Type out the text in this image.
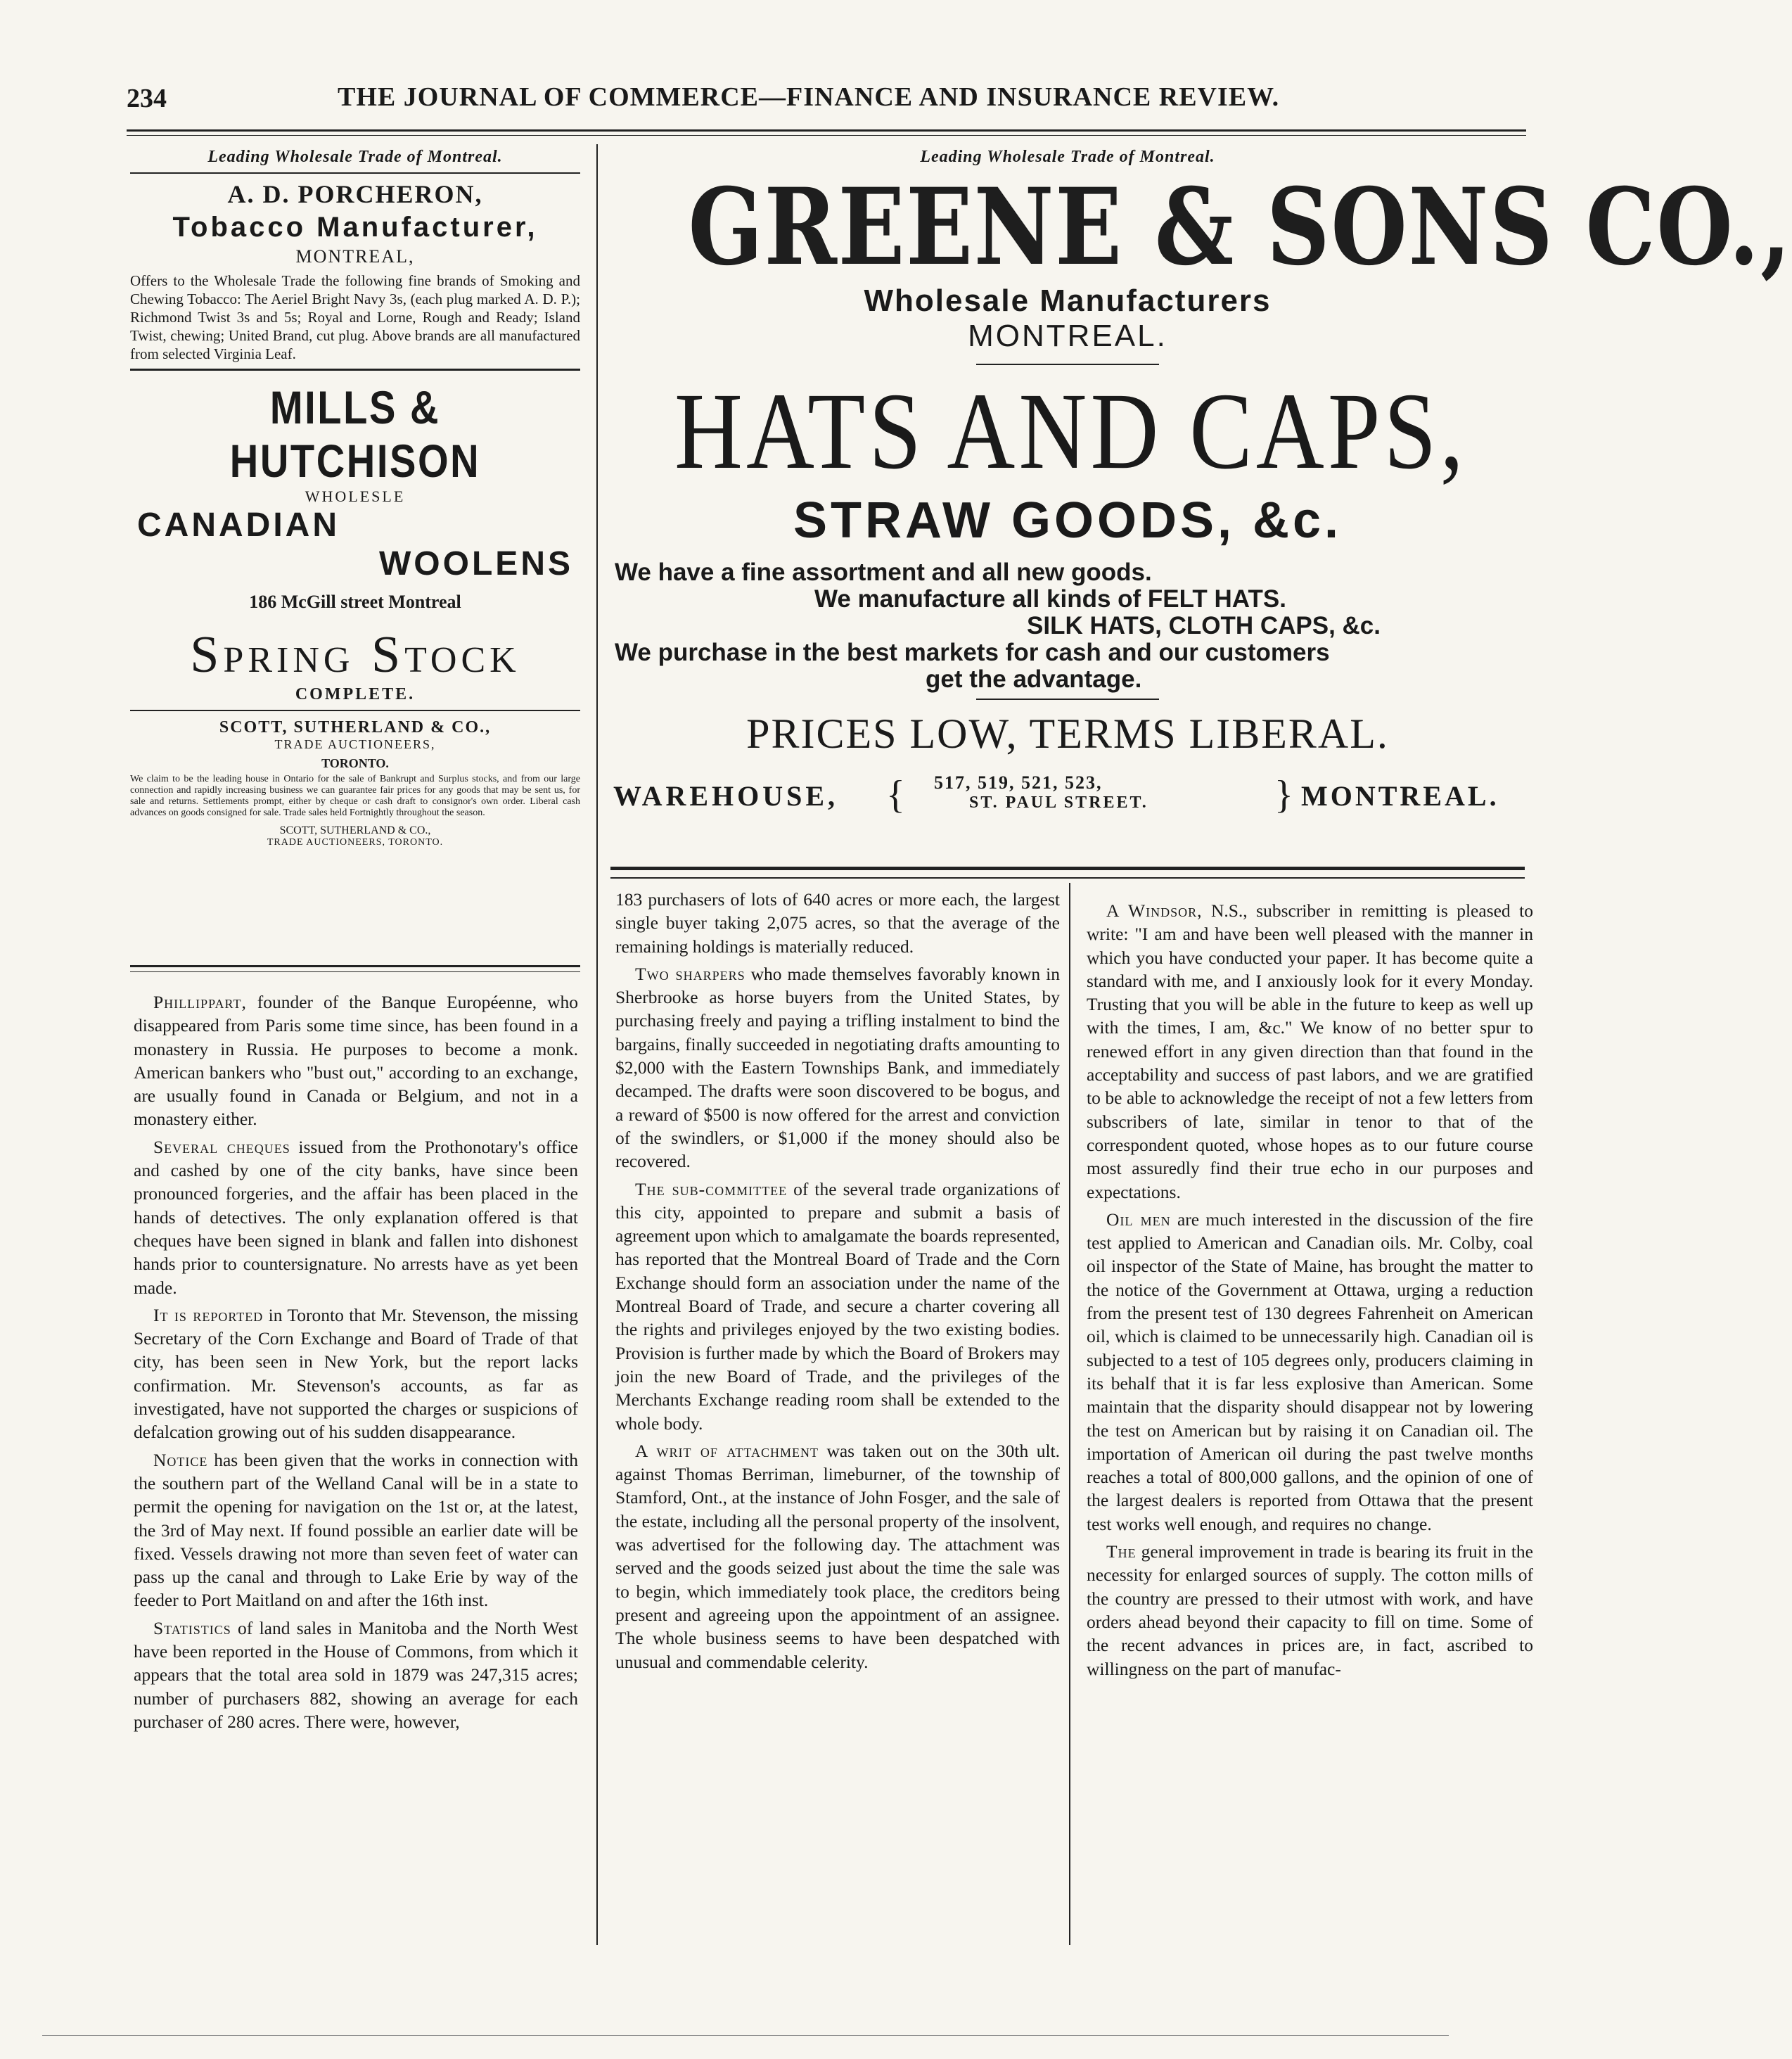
234	THE JOURNAL OF COMMERCE—FINANCE AND INSURANCE REVIEW.
Leading Wholesale Trade of Montreal.
A. D. PORCHERON,
Tobacco Manufacturer,
MONTREAL,
Offers to the Wholesale Trade the following fine brands of Smoking and Chewing Tobacco: The Aeriel Bright Navy 3s, (each plug marked A. D. P.); Richmond Twist 3s and 5s; Royal and Lorne, Rough and Ready; Island Twist, chewing; United Brand, cut plug. Above brands are all manufactured from selected Virginia Leaf.
MILLS & HUTCHISON
WHOLESLE
CANADIAN
WOOLENS
186 McGill street Montreal
Spring Stock
COMPLETE.
SCOTT, SUTHERLAND & CO.,
TRADE AUCTIONEERS,
TORONTO.
We claim to be the leading house in Ontario for the sale of Bankrupt and Surplus stocks, and from our large connection and rapidly increasing business we can guarantee fair prices for any goods that may be sent us, for sale and returns. Settlements prompt, either by cheque or cash draft to consignor's own order. Liberal cash advances on goods consigned for sale. Trade sales held Fortnightly throughout the season.
SCOTT, SUTHERLAND & CO.,
TRADE AUCTIONEERS, TORONTO.
Leading Wholesale Trade of Montreal.
GREENE & SONS CO.,
Wholesale Manufacturers
MONTREAL.
HATS AND CAPS,
STRAW GOODS, &c.
We have a fine assortment and all new goods.
We manufacture all kinds of FELT HATS.
SILK HATS, CLOTH CAPS, &c.
We purchase in the best markets for cash and our customers
get the advantage.
PRICES LOW, TERMS LIBERAL.
WAREHOUSE, { 517, 519, 521, 523,
ST. PAUL STREET.	} MONTREAL.

Phillippart, founder of the Banque Européenne, who disappeared from Paris some time since, has been found in a monastery in Russia. He purposes to become a monk. American bankers who "bust out," according to an exchange, are usually found in Canada or Belgium, and not in a monastery either.

Several cheques issued from the Prothonotary's office and cashed by one of the city banks, have since been pronounced forgeries, and the affair has been placed in the hands of detectives. The only explanation offered is that cheques have been signed in blank and fallen into dishonest hands prior to countersignature. No arrests have as yet been made.

It is reported in Toronto that Mr. Stevenson, the missing Secretary of the Corn Exchange and Board of Trade of that city, has been seen in New York, but the report lacks confirmation. Mr. Stevenson's accounts, as far as investigated, have not supported the charges or suspicions of defalcation growing out of his sudden disappearance.

Notice has been given that the works in connection with the southern part of the Welland Canal will be in a state to permit the opening for navigation on the 1st or, at the latest, the 3rd of May next. If found possible an earlier date will be fixed. Vessels drawing not more than seven feet of water can pass up the canal and through to Lake Erie by way of the feeder to Port Maitland on and after the 16th inst.

Statistics of land sales in Manitoba and the North West have been reported in the House of Commons, from which it appears that the total area sold in 1879 was 247,315 acres; number of purchasers 882, showing an average for each purchaser of 280 acres. There were, however,

183 purchasers of lots of 640 acres or more each, the largest single buyer taking 2,075 acres, so that the average of the remaining holdings is materially reduced.

Two sharpers who made themselves favorably known in Sherbrooke as horse buyers from the United States, by purchasing freely and paying a trifling instalment to bind the bargains, finally succeeded in negotiating drafts amounting to $2,000 with the Eastern Townships Bank, and immediately decamped. The drafts were soon discovered to be bogus, and a reward of $500 is now offered for the arrest and conviction of the swindlers, or $1,000 if the money should also be recovered.

The sub-committee of the several trade organizations of this city, appointed to prepare and submit a basis of agreement upon which to amalgamate the boards represented, has reported that the Montreal Board of Trade and the Corn Exchange should form an association under the name of the Montreal Board of Trade, and secure a charter covering all the rights and privileges enjoyed by the two existing bodies. Provision is further made by which the Board of Brokers may join the new Board of Trade, and the privileges of the Merchants Exchange reading room shall be extended to the whole body.

A writ of attachment was taken out on the 30th ult. against Thomas Berriman, limeburner, of the township of Stamford, Ont., at the instance of John Fosger, and the sale of the estate, including all the personal property of the insolvent, was advertised for the following day. The attachment was served and the goods seized just about the time the sale was to begin, which immediately took place, the creditors being present and agreeing upon the appointment of an assignee. The whole business seems to have been despatched with unusual and commendable celerity.

A Windsor, N.S., subscriber in remitting is pleased to write: "I am and have been well pleased with the manner in which you have conducted your paper. It has become quite a standard with me, and I anxiously look for it every Monday. Trusting that you will be able in the future to keep as well up with the times, I am, &c." We know of no better spur to renewed effort in any given direction than that found in the acceptability and success of past labors, and we are gratified to be able to acknowledge the receipt of not a few letters from subscribers of late, similar in tenor to that of the correspondent quoted, whose hopes as to our future course most assuredly find their true echo in our purposes and expectations.

Oil men are much interested in the discussion of the fire test applied to American and Canadian oils. Mr. Colby, coal oil inspector of the State of Maine, has brought the matter to the notice of the Government at Ottawa, urging a reduction from the present test of 130 degrees Fahrenheit on American oil, which is claimed to be unnecessarily high. Canadian oil is subjected to a test of 105 degrees only, producers claiming in its behalf that it is far less explosive than American. Some maintain that the disparity should disappear not by lowering the test on American but by raising it on Canadian oil. The importation of American oil during the past twelve months reaches a total of 800,000 gallons, and the opinion of one of the largest dealers is reported from Ottawa that the present test works well enough, and requires no change.

The general improvement in trade is bearing its fruit in the necessity for enlarged sources of supply. The cotton mills of the country are pressed to their utmost with work, and have orders ahead beyond their capacity to fill on time. Some of the recent advances in prices are, in fact, ascribed to willingness on the part of manufac-
